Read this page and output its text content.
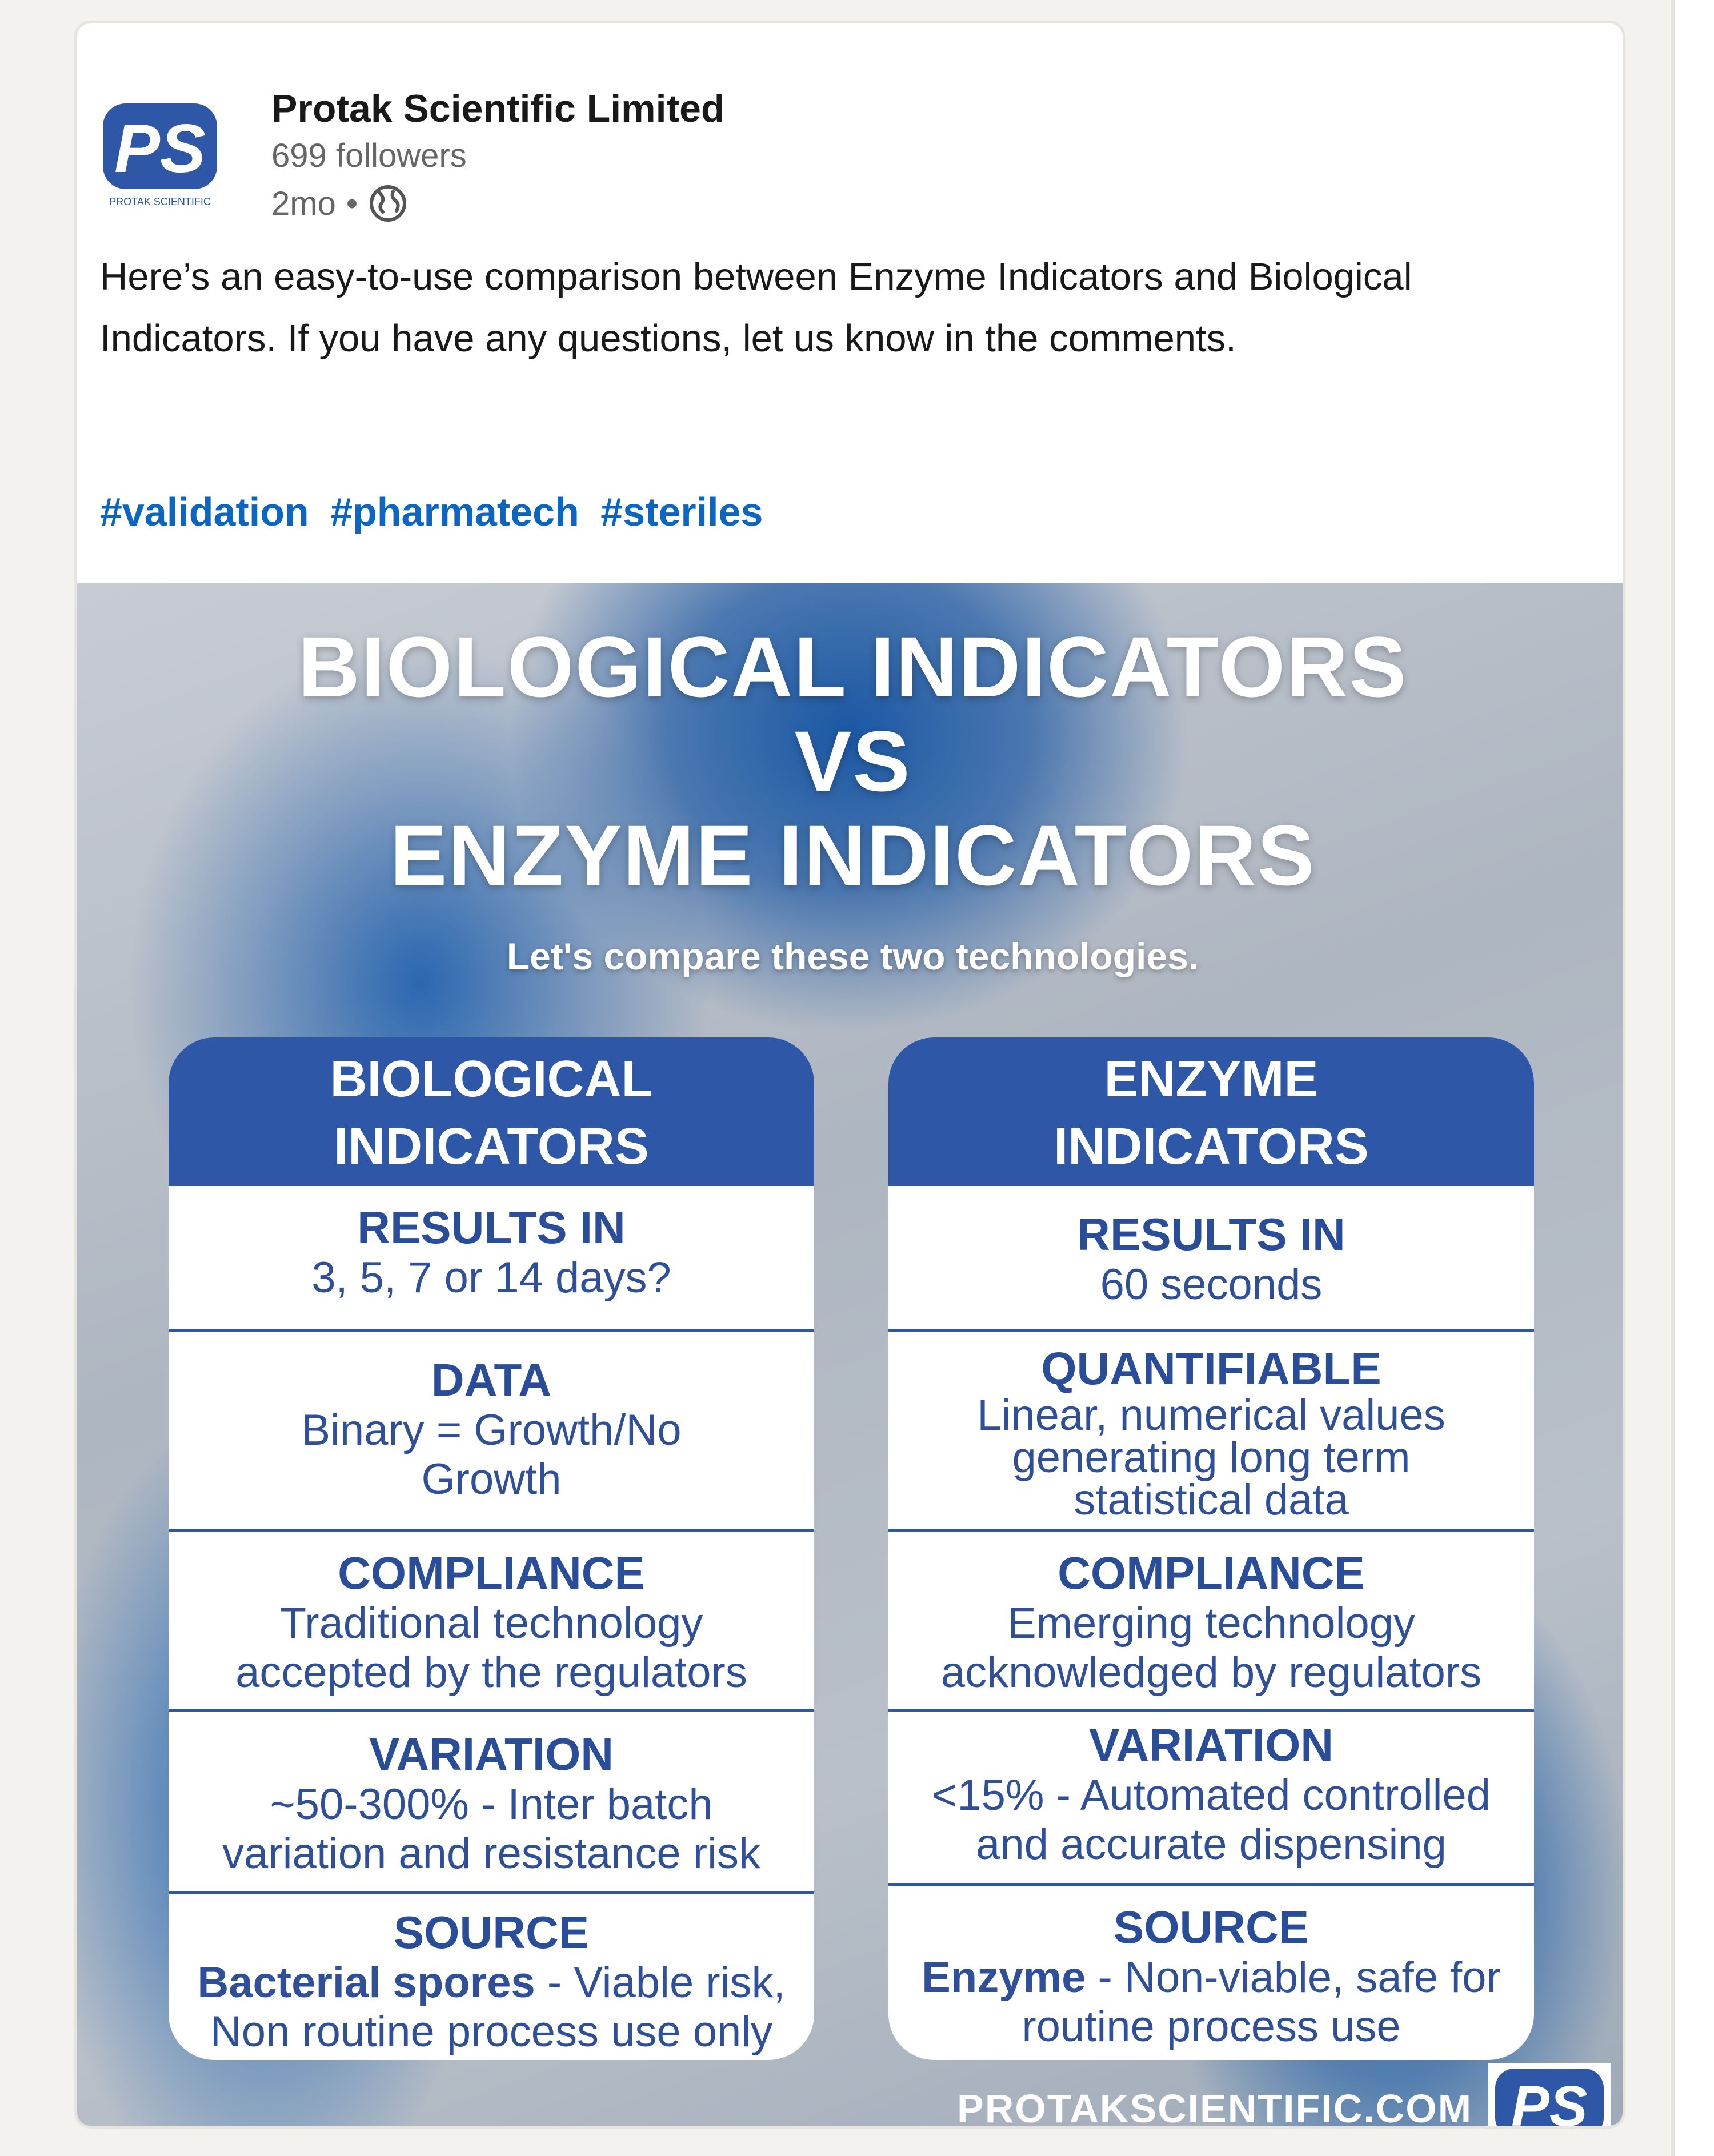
PS
PROTAK SCIENTIFIC
Protak Scientific Limited
699 followers
2mo •
Here’s an easy-to-use comparison between Enzyme Indicators and Biological Indicators. If you have any questions, let us know in the comments.
#validation #pharmatech #steriles
BIOLOGICAL INDICATORS
VS
ENZYME INDICATORS
Let's compare these two technologies.
BIOLOGICAL
INDICATORS
RESULTS IN
3, 5, 7 or 14 days?
DATA
Binary = Growth/No Growth
COMPLIANCE
Traditional technology accepted by the regulators
VARIATION
~50-300% - Inter batch variation and resistance risk
SOURCE
Bacterial spores - Viable risk, Non routine process use only
ENZYME
INDICATORS
RESULTS IN
60 seconds
QUANTIFIABLE
Linear, numerical values generating long term statistical data
COMPLIANCE
Emerging technology acknowledged by regulators
VARIATION
<15% - Automated controlled and accurate dispensing
SOURCE
Enzyme - Non-viable, safe for routine process use
PROTAKSCIENTIFIC.COM PS
